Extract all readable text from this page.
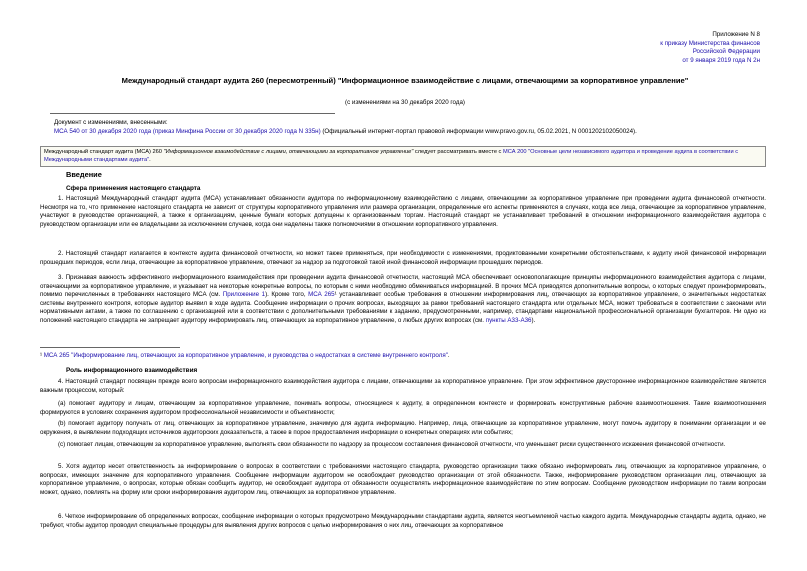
Приложение N 8
к приказу Министерства финансов
Российской Федерации
от 9 января 2019 года N 2н
Международный стандарт аудита 260 (пересмотренный) "Информационное взаимодействие с лицами, отвечающими за корпоративное управление"
(с изменениями на 30 декабря 2020 года)
Документ с изменениями, внесенными:
МСА 540 от 30 декабря 2020 года (приказ Минфина России от 30 декабря 2020 года N 335н) (Официальный интернет-портал правовой информации www.pravo.gov.ru, 05.02.2021, N 0001202102050024).
Международный стандарт аудита (МСА) 260 "Информационное взаимодействие с лицами, отвечающими за корпоративное управление" следует рассматривать вместе с МСА 200 "Основные цели независимого аудитора и проведение аудита в соответствии с Международными стандартами аудита".
Введение
Сфера применения настоящего стандарта
1. Настоящий Международный стандарт аудита (МСА) устанавливает обязанности аудитора по информационному взаимодействию с лицами, отвечающими за корпоративное управление при проведении аудита финансовой отчетности. Несмотря на то, что применение настоящего стандарта не зависит от структуры корпоративного управления или размера организации, определенные его аспекты применяются в случаях, когда все лица, отвечающие за корпоративное управление, участвуют в руководстве организацией, а также к организациям, ценные бумаги которых допущены к организованным торгам. Настоящий стандарт не устанавливает требований в отношении информационного взаимодействия аудитора с руководством организации или ее владельцами за исключением случаев, когда они наделены также полномочиями в отношении корпоративного управления.
2. Настоящий стандарт излагается в контексте аудита финансовой отчетности, но может также применяться, при необходимости с изменениями, продиктованными конкретными обстоятельствами, к аудиту иной финансовой информации прошедших периодов, если лица, отвечающие за корпоративное управление, отвечают за надзор за подготовкой такой иной финансовой информации прошедших периодов.
3. Признавая важность эффективного информационного взаимодействия при проведении аудита финансовой отчетности, настоящий МСА обеспечивает основополагающие принципы информационного взаимодействия аудитора с лицами, отвечающими за корпоративное управление, и указывает на некоторые конкретные вопросы, по которым с ними необходимо обмениваться информацией. В прочих МСА приводятся дополнительные вопросы, о которых следует проинформировать, помимо перечисленных в требованиях настоящего МСА (см. Приложение 1). Кроме того, МСА 265¹ устанавливает особые требования в отношении информирования лиц, отвечающих за корпоративное управление, о значительных недостатках системы внутреннего контроля, которые аудитор выявил в ходе аудита. Сообщение информации о прочих вопросах, выходящих за рамки требований настоящего стандарта или отдельных МСА, может требоваться в соответствии с законами или нормативными актами, а также по соглашению с организацией или в соответствии с дополнительными требованиями к заданию, предусмотренными, например, стандартами национальной профессиональной организации бухгалтеров. Ни одно из положений настоящего стандарта не запрещает аудитору информировать лиц, отвечающих за корпоративное управление, о любых других вопросах (см. пункты А33-А36).
¹ МСА 265 "Информирование лиц, отвечающих за корпоративное управление, и руководства о недостатках в системе внутреннего контроля".
Роль информационного взаимодействия
4. Настоящий стандарт посвящен прежде всего вопросам информационного взаимодействия аудитора с лицами, отвечающими за корпоративное управление. При этом эффективное двустороннее информационное взаимодействие является важным процессом, который:
(а) помогает аудитору и лицам, отвечающим за корпоративное управление, понимать вопросы, относящиеся к аудиту, в определенном контексте и формировать конструктивные рабочие взаимоотношения. Такие взаимоотношения формируются в условиях сохранения аудитором профессиональной независимости и объективности;
(b) помогает аудитору получать от лиц, отвечающих за корпоративное управление, значимую для аудита информацию. Например, лица, отвечающие за корпоративное управление, могут помочь аудитору в понимании организации и ее окружения, в выявлении подходящих источников аудиторских доказательств, а также в порое предоставления информации о конкретных операциях или событиях;
(c) помогает лицам, отвечающим за корпоративное управление, выполнять свои обязанности по надзору за процессом составления финансовой отчетности, что уменьшает риски существенного искажения финансовой отчетности.
5. Хотя аудитор несет ответственность за информирование о вопросах в соответствии с требованиями настоящего стандарта, руководство организации также обязано информировать лиц, отвечающих за корпоративное управление, о вопросах, имеющих значение для корпоративного управления. Сообщение информации аудитором не освобождает руководство организации от этой обязанности. Также, информирование руководством организации лиц, отвечающих за корпоративное управление, о вопросах, которые обязан сообщить аудитор, не освобождает аудитора от обязанности осуществлять информационное взаимодействие по этим вопросам. Сообщение руководством информации по таким вопросам может, однако, повлиять на форму или сроки информирования аудитором лиц, отвечающих за корпоративное управление.
6. Четкое информирование об определенных вопросах, сообщение информации о которых предусмотрено Международными стандартами аудита, является неотъемлемой частью каждого аудита. Международные стандарты аудита, однако, не требуют, чтобы аудитор проводил специальные процедуры для выявления других вопросов с целью информирования о них лиц, отвечающих за корпоративное
